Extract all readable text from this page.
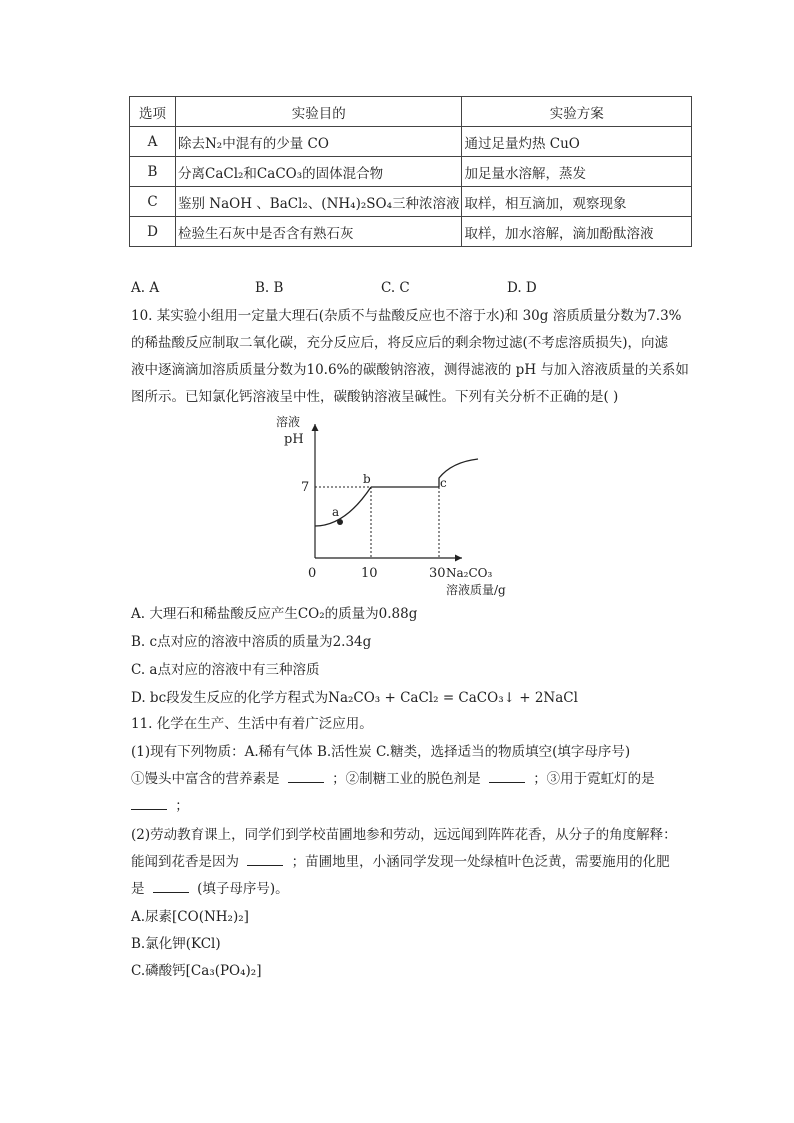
选项	实验目的	实验方案
A	除去N₂中混有的少量 CO	通过足量灼热 CuO
B	分离CaCl₂和CaCO₃的固体混合物	加足量水溶解，蒸发
C	鉴别 NaOH 、BaCl₂、(NH₄)₂SO₄三种浓溶液	取样，相互滴加，观察现象
D	检验生石灰中是否含有熟石灰	取样，加水溶解，滴加酚酞溶液
A. A	B. B	C. C	D. D
10. 某实验小组用一定量大理石(杂质不与盐酸反应也不溶于水)和 30g 溶质质量分数为7.3%
的稀盐酸反应制取二氧化碳，充分反应后，将反应后的剩余物过滤(不考虑溶质损失)，向滤
液中逐滴滴加溶质质量分数为10.6%的碳酸钠溶液，测得滤液的 pH 与加入溶液质量的关系如
图所示。已知氯化钙溶液呈中性，碳酸钠溶液呈碱性。下列有关分析不正确的是( )
溶液
pH
7
0	10	30 Na₂CO₃
溶液质量/g
a
b	c
A. 大理石和稀盐酸反应产生CO₂的质量为0.88g
B. c点对应的溶液中溶质的质量为2.34g
C. a点对应的溶液中有三种溶质
D. bc段发生反应的化学方程式为Na₂CO₃ + CaCl₂ = CaCO₃↓ + 2NaCl
11. 化学在生产、生活中有着广泛应用。
(1)现有下列物质：A.稀有气体 B.活性炭 C.糖类，选择适当的物质填空(填字母序号)
①馒头中富含的营养素是	；②制糖工业的脱色剂是	；③用于霓虹灯的是
；
(2)劳动教育课上，同学们到学校苗圃地参和劳动，远远闻到阵阵花香，从分子的角度解释：
能闻到花香是因为	；苗圃地里，小涵同学发现一处绿植叶色泛黄，需要施用的化肥
是	(填子母序号)。
A.尿素[CO(NH₂)₂]
B.氯化钾(KCl)
C.磷酸钙[Ca₃(PO₄)₂]
